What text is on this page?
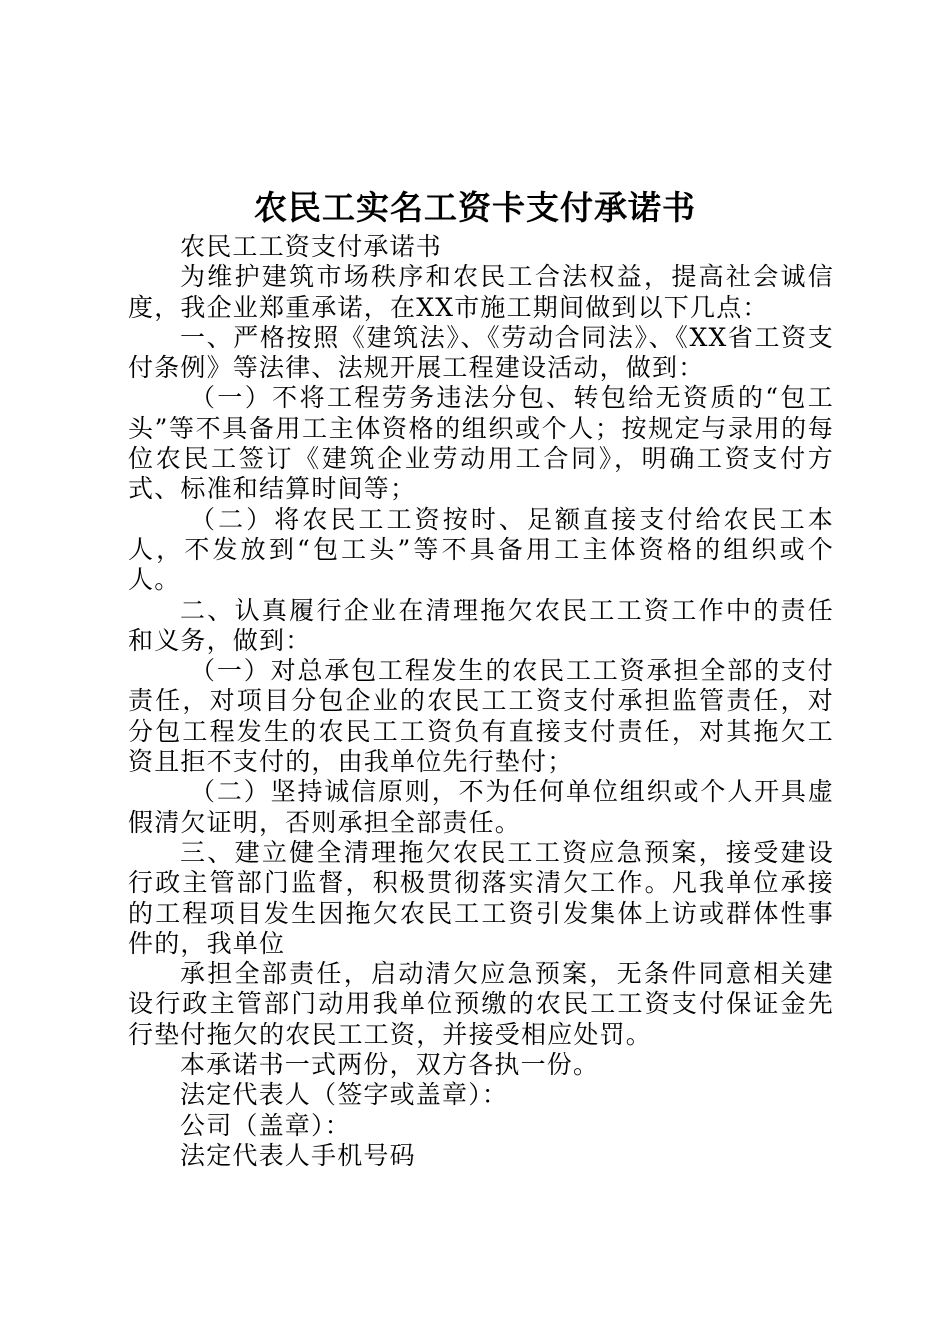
农民工实名工资卡支付承诺书

农民工工资支付承诺书

为维护建筑市场秩序和农民工合法权益，提高社会诚信度，我企业郑重承诺，在XX市施工期间做到以下几点：

一、严格按照《建筑法》、《劳动合同法》、《XX省工资支付条例》等法律、法规开展工程建设活动，做到：

（一）不将工程劳务违法分包、转包给无资质的“包工头”等不具备用工主体资格的组织或个人；按规定与录用的每位农民工签订《建筑企业劳动用工合同》，明确工资支付方式、标准和结算时间等；

（二）将农民工工资按时、足额直接支付给农民工本人，不发放到“包工头”等不具备用工主体资格的组织或个人。

二、认真履行企业在清理拖欠农民工工资工作中的责任和义务，做到：

（一）对总承包工程发生的农民工工资承担全部的支付责任，对项目分包企业的农民工工资支付承担监管责任，对分包工程发生的农民工工资负有直接支付责任，对其拖欠工资且拒不支付的，由我单位先行垫付；

（二）坚持诚信原则，不为任何单位组织或个人开具虚假清欠证明，否则承担全部责任。

三、建立健全清理拖欠农民工工资应急预案，接受建设行政主管部门监督，积极贯彻落实清欠工作。凡我单位承接的工程项目发生因拖欠农民工工资引发集体上访或群体性事件的，我单位

承担全部责任，启动清欠应急预案，无条件同意相关建设行政主管部门动用我单位预缴的农民工工资支付保证金先行垫付拖欠的农民工工资，并接受相应处罚。

本承诺书一式两份，双方各执一份。

法定代表人（签字或盖章）：

公司（盖章）：

法定代表人手机号码
